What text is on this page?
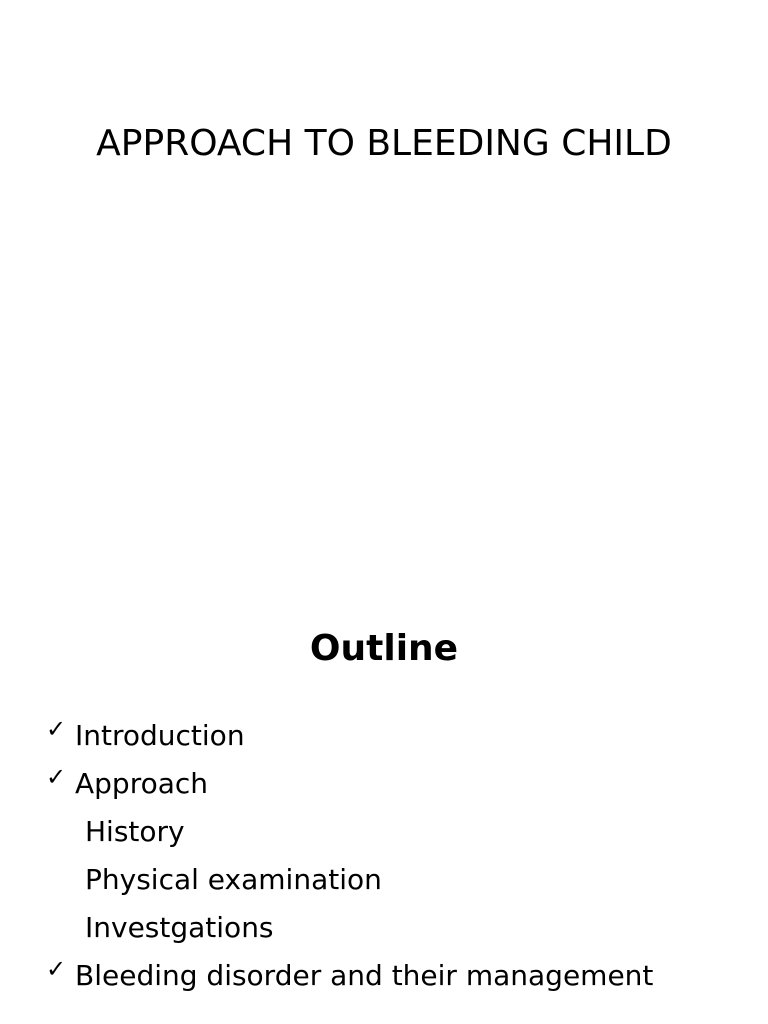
APPROACH TO BLEEDING CHILD
Outline
✓ Introduction
✓ Approach
History
Physical examination
Investgations
✓ Bleeding disorder and their management
